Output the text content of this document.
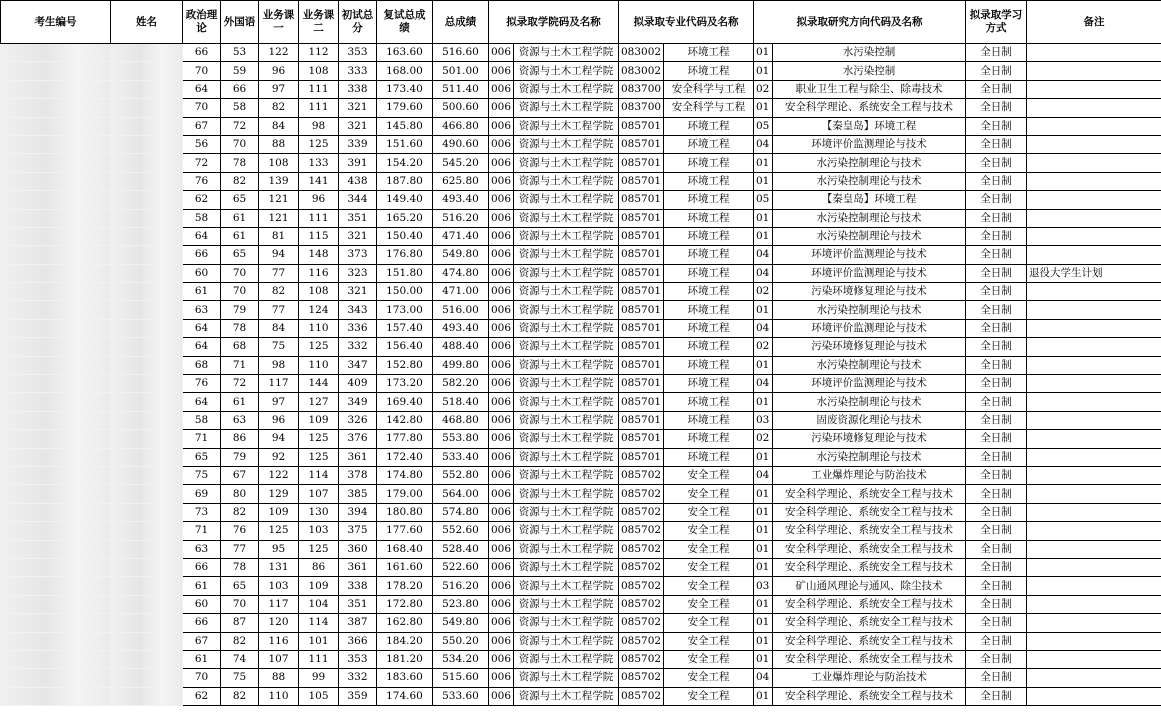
考生编号	姓名	政治理论	外国语	业务课一	业务课二	初试总分	复试总成绩	总成绩	拟录取学院码及名称		拟录取专业代码及名称		拟录取研究方向代码及名称		拟录取学习方式	备注
		66	53	122	112	353	163.60	516.60	006	资源与土木工程学院	083002	环境工程	01	水污染控制	全日制	
		70	59	96	108	333	168.00	501.00	006	资源与土木工程学院	083002	环境工程	01	水污染控制	全日制	
		64	66	97	111	338	173.40	511.40	006	资源与土木工程学院	083700	安全科学与工程	02	职业卫生工程与除尘、除毒技术	全日制	
		70	58	82	111	321	179.60	500.60	006	资源与土木工程学院	083700	安全科学与工程	01	安全科学理论、系统安全工程与技术	全日制	
		67	72	84	98	321	145.80	466.80	006	资源与土木工程学院	085701	环境工程	05	【秦皇岛】环境工程	全日制	
		56	70	88	125	339	151.60	490.60	006	资源与土木工程学院	085701	环境工程	04	环境评价监测理论与技术	全日制	
		72	78	108	133	391	154.20	545.20	006	资源与土木工程学院	085701	环境工程	01	水污染控制理论与技术	全日制	
		76	82	139	141	438	187.80	625.80	006	资源与土木工程学院	085701	环境工程	01	水污染控制理论与技术	全日制	
		62	65	121	96	344	149.40	493.40	006	资源与土木工程学院	085701	环境工程	05	【秦皇岛】环境工程	全日制	
		58	61	121	111	351	165.20	516.20	006	资源与土木工程学院	085701	环境工程	01	水污染控制理论与技术	全日制	
		64	61	81	115	321	150.40	471.40	006	资源与土木工程学院	085701	环境工程	01	水污染控制理论与技术	全日制	
		66	65	94	148	373	176.80	549.80	006	资源与土木工程学院	085701	环境工程	04	环境评价监测理论与技术	全日制	
		60	70	77	116	323	151.80	474.80	006	资源与土木工程学院	085701	环境工程	04	环境评价监测理论与技术	全日制	退役大学生计划
		61	70	82	108	321	150.00	471.00	006	资源与土木工程学院	085701	环境工程	02	污染环境修复理论与技术	全日制	
		63	79	77	124	343	173.00	516.00	006	资源与土木工程学院	085701	环境工程	01	水污染控制理论与技术	全日制	
		64	78	84	110	336	157.40	493.40	006	资源与土木工程学院	085701	环境工程	04	环境评价监测理论与技术	全日制	
		64	68	75	125	332	156.40	488.40	006	资源与土木工程学院	085701	环境工程	02	污染环境修复理论与技术	全日制	
		68	71	98	110	347	152.80	499.80	006	资源与土木工程学院	085701	环境工程	01	水污染控制理论与技术	全日制	
		76	72	117	144	409	173.20	582.20	006	资源与土木工程学院	085701	环境工程	04	环境评价监测理论与技术	全日制	
		64	61	97	127	349	169.40	518.40	006	资源与土木工程学院	085701	环境工程	01	水污染控制理论与技术	全日制	
		58	63	96	109	326	142.80	468.80	006	资源与土木工程学院	085701	环境工程	03	固废资源化理论与技术	全日制	
		71	86	94	125	376	177.80	553.80	006	资源与土木工程学院	085701	环境工程	02	污染环境修复理论与技术	全日制	
		65	79	92	125	361	172.40	533.40	006	资源与土木工程学院	085701	环境工程	01	水污染控制理论与技术	全日制	
		75	67	122	114	378	174.80	552.80	006	资源与土木工程学院	085702	安全工程	04	工业爆炸理论与防治技术	全日制	
		69	80	129	107	385	179.00	564.00	006	资源与土木工程学院	085702	安全工程	01	安全科学理论、系统安全工程与技术	全日制	
		73	82	109	130	394	180.80	574.80	006	资源与土木工程学院	085702	安全工程	01	安全科学理论、系统安全工程与技术	全日制	
		71	76	125	103	375	177.60	552.60	006	资源与土木工程学院	085702	安全工程	01	安全科学理论、系统安全工程与技术	全日制	
		63	77	95	125	360	168.40	528.40	006	资源与土木工程学院	085702	安全工程	01	安全科学理论、系统安全工程与技术	全日制	
		66	78	131	86	361	161.60	522.60	006	资源与土木工程学院	085702	安全工程	01	安全科学理论、系统安全工程与技术	全日制	
		61	65	103	109	338	178.20	516.20	006	资源与土木工程学院	085702	安全工程	03	矿山通风理论与通风、除尘技术	全日制	
		60	70	117	104	351	172.80	523.80	006	资源与土木工程学院	085702	安全工程	01	安全科学理论、系统安全工程与技术	全日制	
		66	87	120	114	387	162.80	549.80	006	资源与土木工程学院	085702	安全工程	01	安全科学理论、系统安全工程与技术	全日制	
		67	82	116	101	366	184.20	550.20	006	资源与土木工程学院	085702	安全工程	01	安全科学理论、系统安全工程与技术	全日制	
		61	74	107	111	353	181.20	534.20	006	资源与土木工程学院	085702	安全工程	01	安全科学理论、系统安全工程与技术	全日制	
		70	75	88	99	332	183.60	515.60	006	资源与土木工程学院	085702	安全工程	04	工业爆炸理论与防治技术	全日制	
		62	82	110	105	359	174.60	533.60	006	资源与土木工程学院	085702	安全工程	01	安全科学理论、系统安全工程与技术	全日制	
